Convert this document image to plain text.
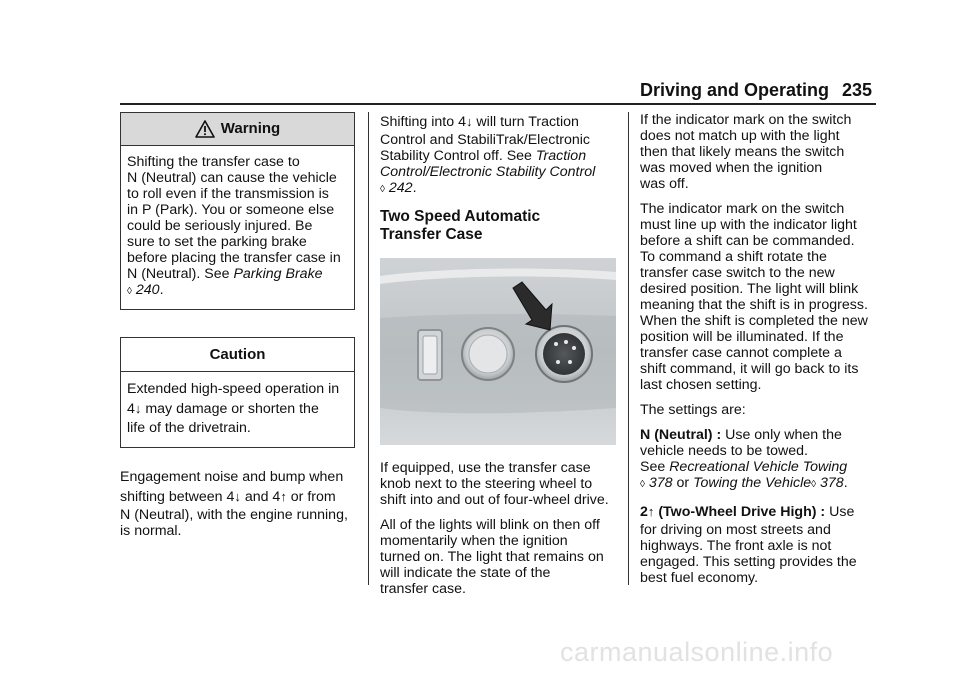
Driving and Operating 235
Warning
Shifting the transfer case to
N (Neutral) can cause the vehicle
to roll even if the transmission is
in P (Park). You or someone else
could be seriously injured. Be
sure to set the parking brake
before placing the transfer case in
N (Neutral). See Parking Brake
◊ 240.
Caution
Extended high-speed operation in
4↓ may damage or shorten the
life of the drivetrain.
Engagement noise and bump when
shifting between 4↓ and 4↑ or from
N (Neutral), with the engine running,
is normal.
Shifting into 4↓ will turn Traction
Control and StabiliTrak/Electronic
Stability Control off. See Traction
Control/Electronic Stability Control
◊ 242.
Two Speed Automatic
Transfer Case
If equipped, use the transfer case
knob next to the steering wheel to
shift into and out of four-wheel drive.
All of the lights will blink on then off
momentarily when the ignition
turned on. The light that remains on
will indicate the state of the
transfer case.
If the indicator mark on the switch
does not match up with the light
then that likely means the switch
was moved when the ignition
was off.
The indicator mark on the switch
must line up with the indicator light
before a shift can be commanded.
To command a shift rotate the
transfer case switch to the new
desired position. The light will blink
meaning that the shift is in progress.
When the shift is completed the new
position will be illuminated. If the
transfer case cannot complete a
shift command, it will go back to its
last chosen setting.
The settings are:
N (Neutral) : Use only when the
vehicle needs to be towed.
See Recreational Vehicle Towing
◊ 378 or Towing the Vehicle◊ 378.
2↑ (Two-Wheel Drive High) : Use
for driving on most streets and
highways. The front axle is not
engaged. This setting provides the
best fuel economy.
carmanualsonline.info
